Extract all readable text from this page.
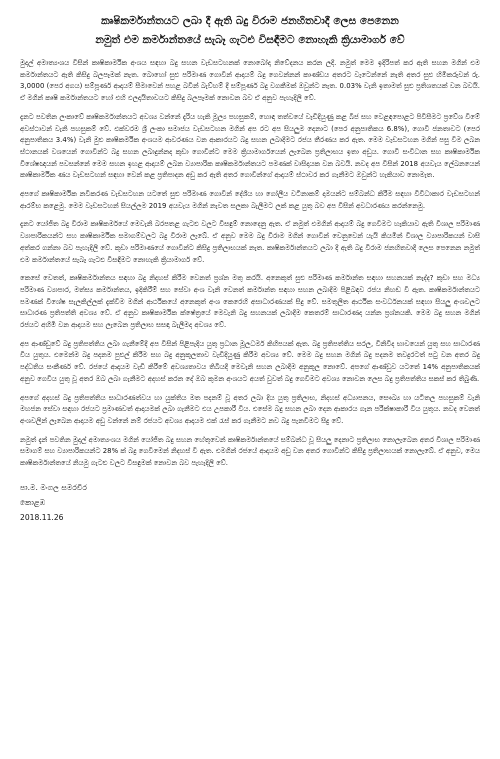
කෘෂිකර්මාන්තයට ලබා දී ඇති බදු විරාම ජනහිතවාදී ලෙස පෙනෙන
නමුත් එම කර්මාන්තයේ සැබෑ ගැටළු විසඳීමට නොහැකි ක්‍රියාමාර්ග වේ

මුදල් අමාත්‍යංශය විසින් කෘෂිකාර්මික අංශය සඳහා බදු සහන වැඩසටහනක් නොබෝදා නිවේදනය කරන ලදී. නමුත් මෙම ඉදිරිපත් කර ඇති සහන මගින් එම කර්මාන්තයට ඇති කිසිදු බලපෑමක් නැත. බොහෝ සුළු පරිමාණ ගොවීන් ආදායම් බදු ගෙවන්නන් කාණ්ඩය අතරට වැටෙන්නේ නැති අතර සුළු හිමිකරුවන් රු. 3,0000 (පෙර අගය) සම්පූර්ණ ආදායම් සීමාවෙන් පහළ බවින් බැව්හම් දී සම්පූර්ණ බදු වගකීමක් ඔවුන්ට නැත. 0.03% වැනි ඉතාමත් සුළු ප්‍රතිශතයක් වන බවයි. ඒ මගින් කෘෂි කර්මාන්තයට හෝ එහි ඵලදායිතාවයට කිසිදු බලපෑමක් නොවන බව ඒ අනුව පැහැදිලි වේ.

දැනට පවතින ලංකාවේ කෘෂිකර්මාන්තයට අවශ්‍ය වන්නේ දැරිය හැකි මූල්‍ය පහසුකම්, හොඳ තත්වයේ වැඩිදියුණු කළ බීජ සහ වෙළඳපොළට පිවිසීමට ප්‍රවේශ වීමේ අවස්ථාවන් වැනි පහසුකම් වේ. එක්වරම ශ්‍රී ලංකා සමාජය වැඩසටහන මගින් අප රට අප සියලුම දෙනාට (පෙර අනුපාතිකය 6.8%), ගොවි ජනතාවට (පෙර අනුපාතිකය 3.4%) වැනි මුළු කෘෂිකර්මික අංශයම ආවරණය වන ආකාරයට බදු සහන ලබාදීමට රජය තීරණය කර ඇත. මෙම වැඩසටහන මගින් පසු වීම ලබන ස්ථානයක් වශයෙන් ගොවීන්ට බදු සහන ලබාදුන්නද කුඩා ගොවීන්ට මෙම ක්‍රියාමාර්ගයෙන් ලැබෙන ප්‍රතිලාභය ඉතා අඩුය. ගොවි සංවිධාන සහ කෘෂිකාර්මික විශේෂඥයන් පවසන්නේ මෙම සහන ඉහළ ආදායම් ලබන ව්‍යාපාරික කෘෂිකර්මාන්තයට පමණක් වාසිදායක වන බවයි. නවද අප විසින් 2018 අයවැය ලේඛනයෙන් කෘෂිකාර්මික ණය වැඩසටහන් සඳහා වෙන් කළ ප්‍රතිපාදන අඩු කර ඇති අතර ගොවීන්ගේ ආදායම් ස්ථාවර කර ගැනීමට ඔවුන්ට හැකියාව නොමැත.

අපගේ කෘෂිකාර්මික නවීකරණ වැඩසටහන යටතේ සුළු පරිමාණ ගොවීන් දේශීය හා ගෝලීය වටිනාකම් දාමයන්ට සම්බන්ධ කිරීම සඳහා විවිධාකාර වැඩසටහන් ආරම්භ කළෙමු. මෙම වැඩසටහන් සියල්ලම 2019 අයවැය මගින් නැවත සලකා බැලීමට ලක් කළ යුතු බව අප විසින් අවධාරණය කරන්නෙමු.

දැනට යෝජිත බදු විරාම කෘෂිකර්මයේ මෙවැනි බරපතළ ගැටළු වලට විසඳුම් නොදෙනු ඇත. ඒ නමුත් එමගින් ආදායම් බදු ගෙවීමට හැකියාව ඇති විශාල පරිමාණ ව්‍යාපාරිකයන්ට සහ කෘෂිකාර්මික සමාගම්වලට බදු විරාම ලැබේ. ඒ අනුව මෙම බදු විරාම මගින් ගොවීන් වෙනුවෙන් යැයි කියමින් විශාල ව්‍යාපාරිකයන් වාසි අත්කර ගන්නා බව පැහැදිලි වේ. කුඩා පරිමාණයේ ගොවීන්ට කිසිදු ප්‍රතිලාභයක් නැත. කෘෂිකර්මාන්තයට ලබා දී ඇති බදු විරාම ජනහිතවාදී ලෙස පෙනෙන නමුත් එම කර්මාන්තයේ සැබෑ ගැටළු විසඳීමට නොහැකි ක්‍රියාමාර්ග වේ.

කෙසේ වෙතත්, කෘෂිකර්මාන්තය සඳහා බදු නිදහස් කිරීම වෙනත් ප්‍රශ්න මතු කරයි. අනෙකුත් සුළු පරිමාණ කර්මාන්ත සඳහා සහනයක් නැද්ද? කුඩා සහ මධ්‍ය පරිමාණ ව්‍යාපාර, මත්ස්‍ය කර්මාන්තය, ඉදිකිරීම් සහ සේවා අංශ වැනි වෙනත් කර්මාන්ත සඳහා සහන ලබාදීම පිළිබඳව රජය නිහඬ වී ඇත. කෘෂිකර්මාන්තයට පමණක් විශේෂ සැලකිල්ලක් දැක්වීම මගින් ආර්ථිකයේ අනෙකුත් අංශ කෙරෙහි අසාධාරණයක් සිදු වේ. සමතුලිත ආර්ථික සංවර්ධනයක් සඳහා සියලු අංශවලට සාධාරණ ප්‍රතිපත්ති අවශ්‍ය වේ. ඒ අනුව කෘෂිකාර්මික ක්ෂේත්‍රයේ මෙවැනි බදු සහනයක් ලබාදීම කෙතරම් සාධාරණද යන්න ප්‍රශ්නයකි. මෙම බදු සහන මගින් රජයට අහිමි වන ආදායම සහ ලැබෙන ප්‍රතිලාභ සසඳා බැලීමද අවශ්‍ය වේ.

අප ආණ්ඩුවේ බදු ප්‍රතිපත්තිය ලබා ගැනීමේදී අප විසින් පිළිපැදිය යුතු ප්‍රධාන මූලධර්ම කිහිපයක් ඇත. බදු ප්‍රතිපත්තිය සරල, විනිවිද භාවයෙන් යුතු සහ සාධාරණ විය යුතුය. එමෙන්ම බදු පදනම පුළුල් කිරීම සහ බදු අනුකූලතාව වැඩිදියුණු කිරීම අවශ්‍ය වේ. මෙම බදු සහන මගින් බදු පදනම තවදුරටත් පටු වන අතර බදු පද්ධතිය සංකීර්ණ වේ. රජයේ ආදායම වැඩි කිරීමේ අවශ්‍යතාවය තිබියදී මෙවැනි සහන ලබාදීම අනුකූල නොවේ. අපගේ ආණ්ඩුව යටතේ 14% අනුපාතිකයක් අනුව ගෙවිය යුතු වූ අතර ඔබ ලබා ගැනීමට අදහස් කරන දේ ඔබ කුමන අංශයට අයත් වුවත් බදු ගෙවීමට අවශ්‍ය නොවන ලෙස බදු ප්‍රතිපත්තිය සකස් කර තිබුණි.

අපගේ අදහස් බදු ප්‍රතිපත්තිය සාධාරණත්වය හා යුක්තිය මත පදනම් වූ අතර ලබා දිය යුතු ප්‍රතිලාභ, නිදහස් අධ්‍යාපනය, සෞඛ්‍ය හා යටිතල පහසුකම් වැනි මහජන සේවා සඳහා රජයට ප්‍රමාණවත් ආදායමක් ලබා ගැනීමට එය උපකාරී විය. එසේම බදු සහන ලබා දෙන ආකාරය ගැන පරීක්ෂාකාරී විය යුතුය. නවද වෙනත් අංශවලින් ලැබෙන ආදායම අඩු වන්නේ නම් රජයට අවශ්‍ය ආදායම එක් රැස් කර ගැනීමට නව බදු පැනවීමට සිදු වේ.

නමුත් දැන් පවතින මුදල් අමාත්‍යංශය මගින් යෝජිත බදු සහන හේතුවෙන් කෘෂිකර්මාන්තයේ සම්බන්ධ වූ සියලු දෙනාට ප්‍රතිලාභ නොලැබෙන අතර විශාල පරිමාණ සමාගම් සහ ව්‍යාපාරිකයන්ට 28% ක් බදු ගෙවීමෙන් නිදහස් වී ඇත. එමගින් රජයේ ආදායම අඩු වන අතර ගොවීන්ට කිසිදු ප්‍රතිලාභයක් නොලැබේ. ඒ අනුව, මෙය කෘෂිකර්මාන්තයේ නියමු ගැටළු වලට විසඳුමක් නොවන බව පැහැදිලි වේ.

පා.ම. මංගල සමරවීර
කොළඹ
2018.11.26
